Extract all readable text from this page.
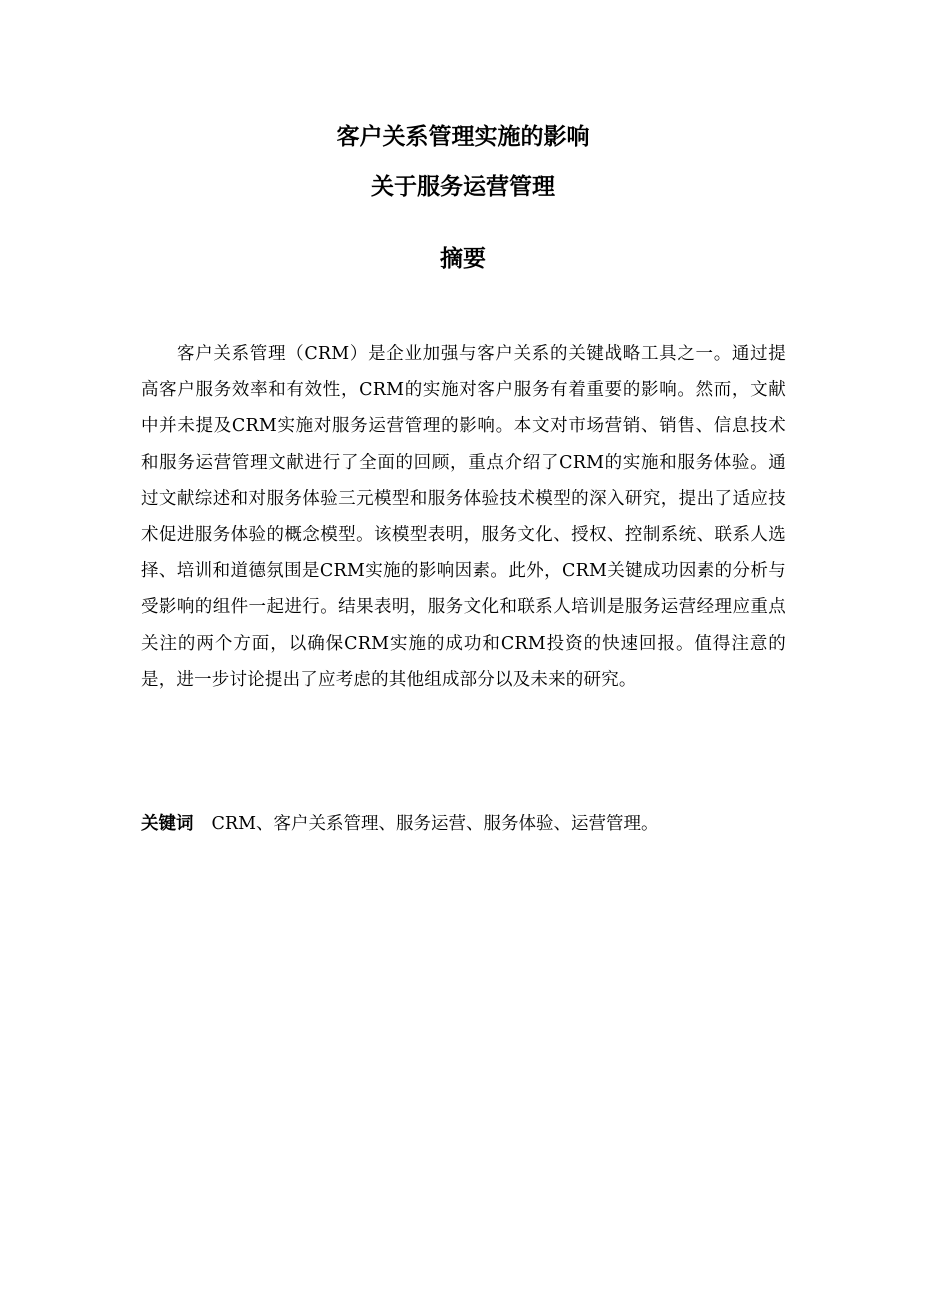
客户关系管理实施的影响
关于服务运营管理
摘要

客户关系管理（CRM）是企业加强与客户关系的关键战略工具之一。通过提高客户服务效率和有效性，CRM的实施对客户服务有着重要的影响。然而，文献中并未提及CRM实施对服务运营管理的影响。本文对市场营销、销售、信息技术和服务运营管理文献进行了全面的回顾，重点介绍了CRM的实施和服务体验。通过文献综述和对服务体验三元模型和服务体验技术模型的深入研究，提出了适应技术促进服务体验的概念模型。该模型表明，服务文化、授权、控制系统、联系人选择、培训和道德氛围是CRM实施的影响因素。此外，CRM关键成功因素的分析与受影响的组件一起进行。结果表明，服务文化和联系人培训是服务运营经理应重点关注的两个方面，以确保CRM实施的成功和CRM投资的快速回报。值得注意的是，进一步讨论提出了应考虑的其他组成部分以及未来的研究。

关键词 CRM、客户关系管理、服务运营、服务体验、运营管理。
